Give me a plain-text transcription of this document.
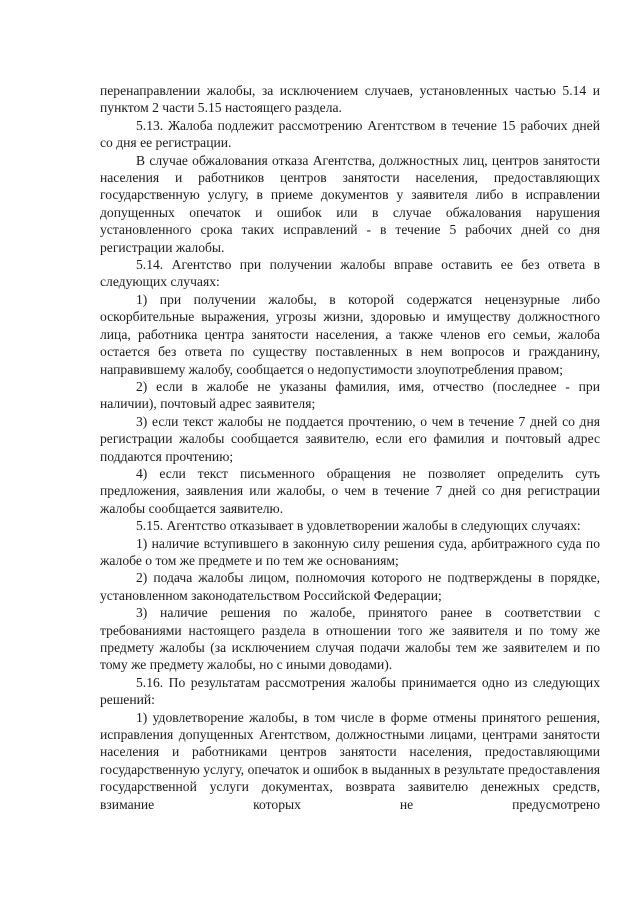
перенаправлении жалобы, за исключением случаев, установленных частью 5.14 и пунктом 2 части 5.15 настоящего раздела.

5.13. Жалоба подлежит рассмотрению Агентством в течение 15 рабочих дней со дня ее регистрации.

В случае обжалования отказа Агентства, должностных лиц, центров занятости населения и работников центров занятости населения, предоставляющих государственную услугу, в приеме документов у заявителя либо в исправлении допущенных опечаток и ошибок или в случае обжалования нарушения установленного срока таких исправлений - в течение 5 рабочих дней со дня регистрации жалобы.

5.14. Агентство при получении жалобы вправе оставить ее без ответа в следующих случаях:

1) при получении жалобы, в которой содержатся нецензурные либо оскорбительные выражения, угрозы жизни, здоровью и имуществу должностного лица, работника центра занятости населения, а также членов его семьи, жалоба остается без ответа по существу поставленных в нем вопросов и гражданину, направившему жалобу, сообщается о недопустимости злоупотребления правом;

2) если в жалобе не указаны фамилия, имя, отчество (последнее - при наличии), почтовый адрес заявителя;

3) если текст жалобы не поддается прочтению, о чем в течение 7 дней со дня регистрации жалобы сообщается заявителю, если его фамилия и почтовый адрес поддаются прочтению;

4) если текст письменного обращения не позволяет определить суть предложения, заявления или жалобы, о чем в течение 7 дней со дня регистрации жалобы сообщается заявителю.

5.15. Агентство отказывает в удовлетворении жалобы в следующих случаях:

1) наличие вступившего в законную силу решения суда, арбитражного суда по жалобе о том же предмете и по тем же основаниям;

2) подача жалобы лицом, полномочия которого не подтверждены в порядке, установленном законодательством Российской Федерации;

3) наличие решения по жалобе, принятого ранее в соответствии с требованиями настоящего раздела в отношении того же заявителя и по тому же предмету жалобы (за исключением случая подачи жалобы тем же заявителем и по тому же предмету жалобы, но с иными доводами).

5.16. По результатам рассмотрения жалобы принимается одно из следующих решений:

1) удовлетворение жалобы, в том числе в форме отмены принятого решения, исправления допущенных Агентством, должностными лицами, центрами занятости населения и работниками центров занятости населения, предоставляющими государственную услугу, опечаток и ошибок в выданных в результате предоставления государственной услуги документах, возврата заявителю денежных средств, взимание которых не предусмотрено
